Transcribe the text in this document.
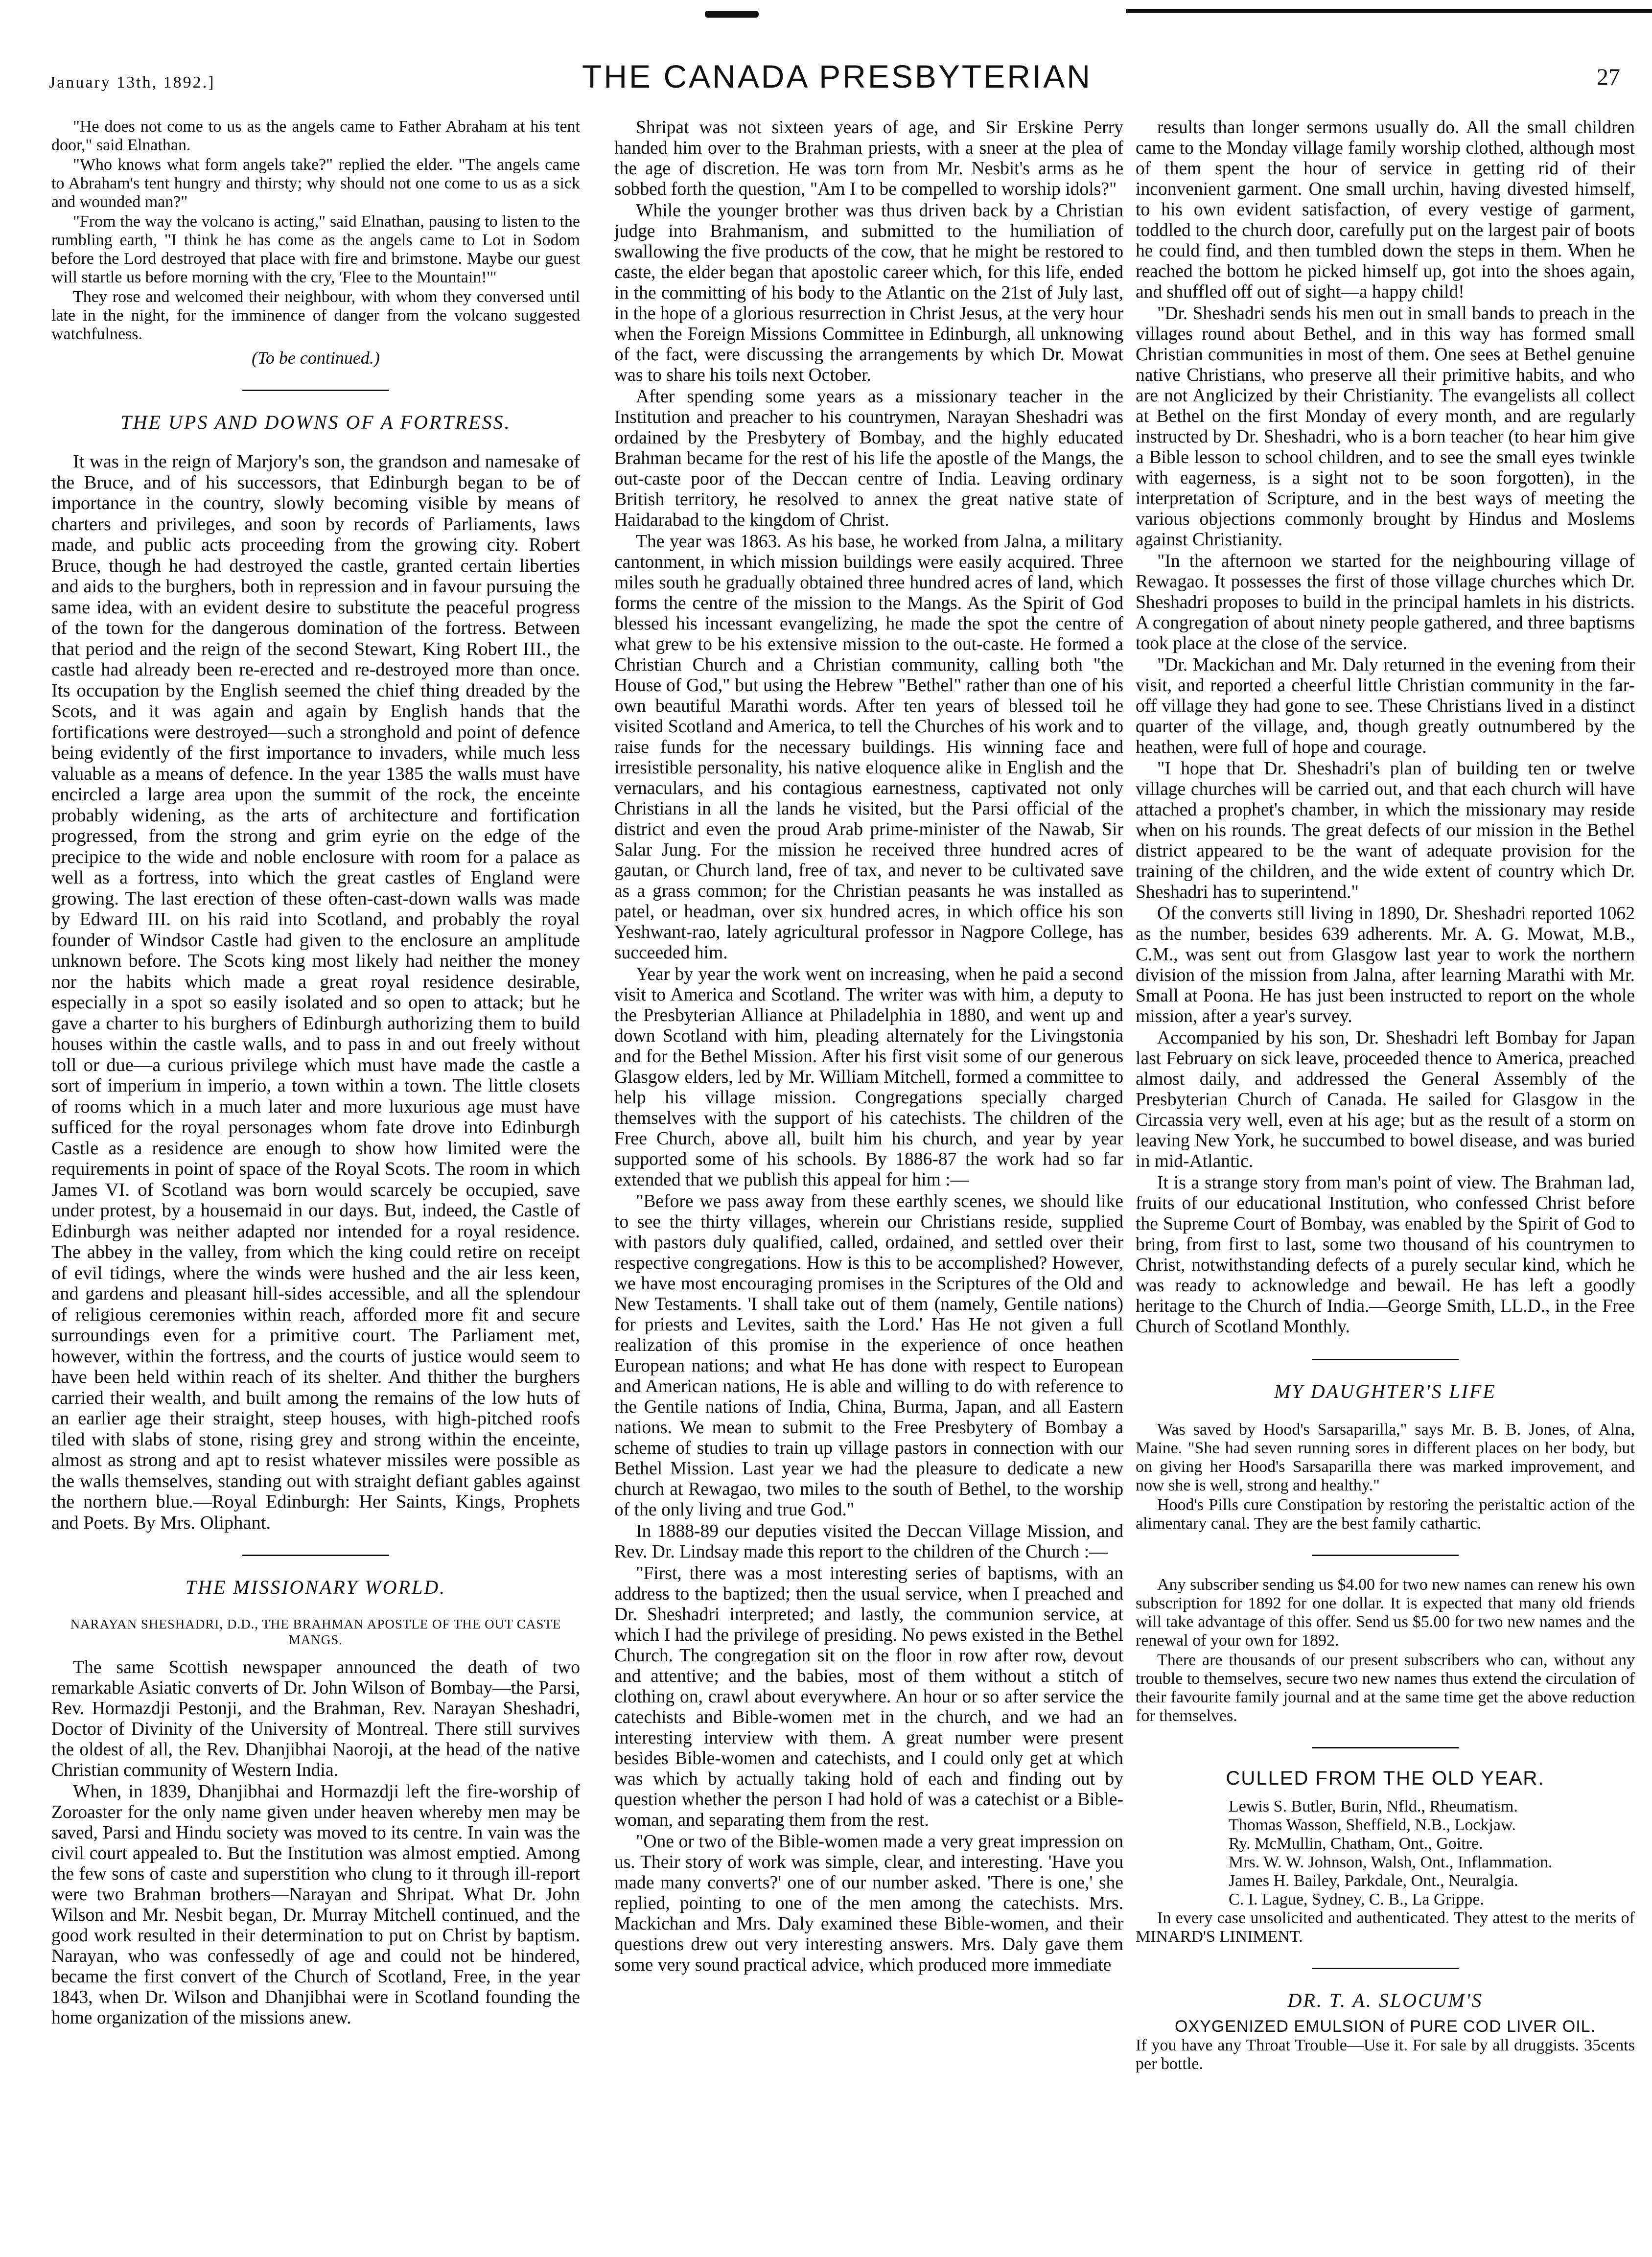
January 13th, 1892.]	THE CANADA PRESBYTERIAN	27

"He does not come to us as the angels came to Father Abraham at his tent door," said Elnathan.

"Who knows what form angels take?" replied the elder. "The angels came to Abraham's tent hungry and thirsty; why should not one come to us as a sick and wounded man?"

"From the way the volcano is acting," said Elnathan, pausing to listen to the rumbling earth, "I think he has come as the angels came to Lot in Sodom before the Lord destroyed that place with fire and brimstone. Maybe our guest will startle us before morning with the cry, 'Flee to the Mountain!'"

They rose and welcomed their neighbour, with whom they conversed until late in the night, for the imminence of danger from the volcano suggested watchfulness.

(To be continued.)

THE UPS AND DOWNS OF A FORTRESS.

It was in the reign of Marjory's son, the grandson and namesake of the Bruce, and of his successors, that Edinburgh began to be of importance in the country, slowly becoming visible by means of charters and privileges, and soon by records of Parliaments, laws made, and public acts proceeding from the growing city. Robert Bruce, though he had destroyed the castle, granted certain liberties and aids to the burghers, both in repression and in favour pursuing the same idea, with an evident desire to substitute the peaceful progress of the town for the dangerous domination of the fortress. Between that period and the reign of the second Stewart, King Robert III., the castle had already been re-erected and re-destroyed more than once. Its occupation by the English seemed the chief thing dreaded by the Scots, and it was again and again by English hands that the fortifications were destroyed—such a stronghold and point of defence being evidently of the first importance to invaders, while much less valuable as a means of defence. In the year 1385 the walls must have encircled a large area upon the summit of the rock, the enceinte probably widening, as the arts of architecture and fortification progressed, from the strong and grim eyrie on the edge of the precipice to the wide and noble enclosure with room for a palace as well as a fortress, into which the great castles of England were growing. The last erection of these often-cast-down walls was made by Edward III. on his raid into Scotland, and probably the royal founder of Windsor Castle had given to the enclosure an amplitude unknown before. The Scots king most likely had neither the money nor the habits which made a great royal residence desirable, especially in a spot so easily isolated and so open to attack; but he gave a charter to his burghers of Edinburgh authorizing them to build houses within the castle walls, and to pass in and out freely without toll or due—a curious privilege which must have made the castle a sort of imperium in imperio, a town within a town. The little closets of rooms which in a much later and more luxurious age must have sufficed for the royal personages whom fate drove into Edinburgh Castle as a residence are enough to show how limited were the requirements in point of space of the Royal Scots. The room in which James VI. of Scotland was born would scarcely be occupied, save under protest, by a housemaid in our days. But, indeed, the Castle of Edinburgh was neither adapted nor intended for a royal residence. The abbey in the valley, from which the king could retire on receipt of evil tidings, where the winds were hushed and the air less keen, and gardens and pleasant hill-sides accessible, and all the splendour of religious ceremonies within reach, afforded more fit and secure surroundings even for a primitive court. The Parliament met, however, within the fortress, and the courts of justice would seem to have been held within reach of its shelter. And thither the burghers carried their wealth, and built among the remains of the low huts of an earlier age their straight, steep houses, with high-pitched roofs tiled with slabs of stone, rising grey and strong within the enceinte, almost as strong and apt to resist whatever missiles were possible as the walls themselves, standing out with straight defiant gables against the northern blue.—Royal Edinburgh: Her Saints, Kings, Prophets and Poets. By Mrs. Oliphant.

THE MISSIONARY WORLD.
NARAYAN SHESHADRI, D.D., THE BRAHMAN APOSTLE OF THE OUT CASTE MANGS.

The same Scottish newspaper announced the death of two remarkable Asiatic converts of Dr. John Wilson of Bombay—the Parsi, Rev. Hormazdji Pestonji, and the Brahman, Rev. Narayan Sheshadri, Doctor of Divinity of the University of Montreal. There still survives the oldest of all, the Rev. Dhanjibhai Naoroji, at the head of the native Christian community of Western India.

When, in 1839, Dhanjibhai and Hormazdji left the fire-worship of Zoroaster for the only name given under heaven whereby men may be saved, Parsi and Hindu society was moved to its centre. In vain was the civil court appealed to. But the Institution was almost emptied. Among the few sons of caste and superstition who clung to it through ill-report were two Brahman brothers—Narayan and Shripat. What Dr. John Wilson and Mr. Nesbit began, Dr. Murray Mitchell continued, and the good work resulted in their determination to put on Christ by baptism. Narayan, who was confessedly of age and could not be hindered, became the first convert of the Church of Scotland, Free, in the year 1843, when Dr. Wilson and Dhanjibhai were in Scotland founding the home organization of the missions anew.

Shripat was not sixteen years of age, and Sir Erskine Perry handed him over to the Brahman priests, with a sneer at the plea of the age of discretion. He was torn from Mr. Nesbit's arms as he sobbed forth the question, "Am I to be compelled to worship idols?"

While the younger brother was thus driven back by a Christian judge into Brahmanism, and submitted to the humiliation of swallowing the five products of the cow, that he might be restored to caste, the elder began that apostolic career which, for this life, ended in the committing of his body to the Atlantic on the 21st of July last, in the hope of a glorious resurrection in Christ Jesus, at the very hour when the Foreign Missions Committee in Edinburgh, all unknowing of the fact, were discussing the arrangements by which Dr. Mowat was to share his toils next October.

After spending some years as a missionary teacher in the Institution and preacher to his countrymen, Narayan Sheshadri was ordained by the Presbytery of Bombay, and the highly educated Brahman became for the rest of his life the apostle of the Mangs, the out-caste poor of the Deccan centre of India. Leaving ordinary British territory, he resolved to annex the great native state of Haidarabad to the kingdom of Christ.

The year was 1863. As his base, he worked from Jalna, a military cantonment, in which mission buildings were easily acquired. Three miles south he gradually obtained three hundred acres of land, which forms the centre of the mission to the Mangs. As the Spirit of God blessed his incessant evangelizing, he made the spot the centre of what grew to be his extensive mission to the out-caste. He formed a Christian Church and a Christian community, calling both "the House of God," but using the Hebrew "Bethel" rather than one of his own beautiful Marathi words. After ten years of blessed toil he visited Scotland and America, to tell the Churches of his work and to raise funds for the necessary buildings. His winning face and irresistible personality, his native eloquence alike in English and the vernaculars, and his contagious earnestness, captivated not only Christians in all the lands he visited, but the Parsi official of the district and even the proud Arab prime-minister of the Nawab, Sir Salar Jung. For the mission he received three hundred acres of gautan, or Church land, free of tax, and never to be cultivated save as a grass common; for the Christian peasants he was installed as patel, or headman, over six hundred acres, in which office his son Yeshwant-rao, lately agricultural professor in Nagpore College, has succeeded him.

Year by year the work went on increasing, when he paid a second visit to America and Scotland. The writer was with him, a deputy to the Presbyterian Alliance at Philadelphia in 1880, and went up and down Scotland with him, pleading alternately for the Livingstonia and for the Bethel Mission. After his first visit some of our generous Glasgow elders, led by Mr. William Mitchell, formed a committee to help his village mission. Congregations specially charged themselves with the support of his catechists. The children of the Free Church, above all, built him his church, and year by year supported some of his schools. By 1886-87 the work had so far extended that we publish this appeal for him :—

"Before we pass away from these earthly scenes, we should like to see the thirty villages, wherein our Christians reside, supplied with pastors duly qualified, called, ordained, and settled over their respective congregations. How is this to be accomplished? However, we have most encouraging promises in the Scriptures of the Old and New Testaments. 'I shall take out of them (namely, Gentile nations) for priests and Levites, saith the Lord.' Has He not given a full realization of this promise in the experience of once heathen European nations; and what He has done with respect to European and American nations, He is able and willing to do with reference to the Gentile nations of India, China, Burma, Japan, and all Eastern nations. We mean to submit to the Free Presbytery of Bombay a scheme of studies to train up village pastors in connection with our Bethel Mission. Last year we had the pleasure to dedicate a new church at Rewagao, two miles to the south of Bethel, to the worship of the only living and true God."

In 1888-89 our deputies visited the Deccan Village Mission, and Rev. Dr. Lindsay made this report to the children of the Church :—

"First, there was a most interesting series of baptisms, with an address to the baptized; then the usual service, when I preached and Dr. Sheshadri interpreted; and lastly, the communion service, at which I had the privilege of presiding. No pews existed in the Bethel Church. The congregation sit on the floor in row after row, devout and attentive; and the babies, most of them without a stitch of clothing on, crawl about everywhere. An hour or so after service the catechists and Bible-women met in the church, and we had an interesting interview with them. A great number were present besides Bible-women and catechists, and I could only get at which was which by actually taking hold of each and finding out by question whether the person I had hold of was a catechist or a Bible-woman, and separating them from the rest.

"One or two of the Bible-women made a very great impression on us. Their story of work was simple, clear, and interesting. 'Have you made many converts?' one of our number asked. 'There is one,' she replied, pointing to one of the men among the catechists. Mrs. Mackichan and Mrs. Daly examined these Bible-women, and their questions drew out very interesting answers. Mrs. Daly gave them some very sound practical advice, which produced more immediate

results than longer sermons usually do. All the small children came to the Monday village family worship clothed, although most of them spent the hour of service in getting rid of their inconvenient garment. One small urchin, having divested himself, to his own evident satisfaction, of every vestige of garment, toddled to the church door, carefully put on the largest pair of boots he could find, and then tumbled down the steps in them. When he reached the bottom he picked himself up, got into the shoes again, and shuffled off out of sight—a happy child!

"Dr. Sheshadri sends his men out in small bands to preach in the villages round about Bethel, and in this way has formed small Christian communities in most of them. One sees at Bethel genuine native Christians, who preserve all their primitive habits, and who are not Anglicized by their Christianity. The evangelists all collect at Bethel on the first Monday of every month, and are regularly instructed by Dr. Sheshadri, who is a born teacher (to hear him give a Bible lesson to school children, and to see the small eyes twinkle with eagerness, is a sight not to be soon forgotten), in the interpretation of Scripture, and in the best ways of meeting the various objections commonly brought by Hindus and Moslems against Christianity.

"In the afternoon we started for the neighbouring village of Rewagao. It possesses the first of those village churches which Dr. Sheshadri proposes to build in the principal hamlets in his districts. A congregation of about ninety people gathered, and three baptisms took place at the close of the service.

"Dr. Mackichan and Mr. Daly returned in the evening from their visit, and reported a cheerful little Christian community in the far-off village they had gone to see. These Christians lived in a distinct quarter of the village, and, though greatly outnumbered by the heathen, were full of hope and courage.

"I hope that Dr. Sheshadri's plan of building ten or twelve village churches will be carried out, and that each church will have attached a prophet's chamber, in which the missionary may reside when on his rounds. The great defects of our mission in the Bethel district appeared to be the want of adequate provision for the training of the children, and the wide extent of country which Dr. Sheshadri has to superintend."

Of the converts still living in 1890, Dr. Sheshadri reported 1062 as the number, besides 639 adherents. Mr. A. G. Mowat, M.B., C.M., was sent out from Glasgow last year to work the northern division of the mission from Jalna, after learning Marathi with Mr. Small at Poona. He has just been instructed to report on the whole mission, after a year's survey.

Accompanied by his son, Dr. Sheshadri left Bombay for Japan last February on sick leave, proceeded thence to America, preached almost daily, and addressed the General Assembly of the Presbyterian Church of Canada. He sailed for Glasgow in the Circassia very well, even at his age; but as the result of a storm on leaving New York, he succumbed to bowel disease, and was buried in mid-Atlantic.

It is a strange story from man's point of view. The Brahman lad, fruits of our educational Institution, who confessed Christ before the Supreme Court of Bombay, was enabled by the Spirit of God to bring, from first to last, some two thousand of his countrymen to Christ, notwithstanding defects of a purely secular kind, which he was ready to acknowledge and bewail. He has left a goodly heritage to the Church of India.—George Smith, LL.D., in the Free Church of Scotland Monthly.

MY DAUGHTER'S LIFE

Was saved by Hood's Sarsaparilla," says Mr. B. B. Jones, of Alna, Maine. "She had seven running sores in different places on her body, but on giving her Hood's Sarsaparilla there was marked improvement, and now she is well, strong and healthy."

Hood's Pills cure Constipation by restoring the peristaltic action of the alimentary canal. They are the best family cathartic.

Any subscriber sending us $4.00 for two new names can renew his own subscription for 1892 for one dollar. It is expected that many old friends will take advantage of this offer. Send us $5.00 for two new names and the renewal of your own for 1892.

There are thousands of our present subscribers who can, without any trouble to themselves, secure two new names thus extend the circulation of their favourite family journal and at the same time get the above reduction for themselves.

CULLED FROM THE OLD YEAR.

Lewis S. Butler, Burin, Nfld., Rheumatism.

Thomas Wasson, Sheffield, N.B., Lockjaw.

Ry. McMullin, Chatham, Ont., Goitre.

Mrs. W. W. Johnson, Walsh, Ont., Inflammation.

James H. Bailey, Parkdale, Ont., Neuralgia.

C. I. Lague, Sydney, C. B., La Grippe.

In every case unsolicited and authenticated. They attest to the merits of MINARD'S LINIMENT.

DR. T. A. SLOCUM'S

OXYGENIZED EMULSION of PURE COD LIVER OIL.

If you have any Throat Trouble—Use it. For sale by all druggists. 35cents per bottle.
